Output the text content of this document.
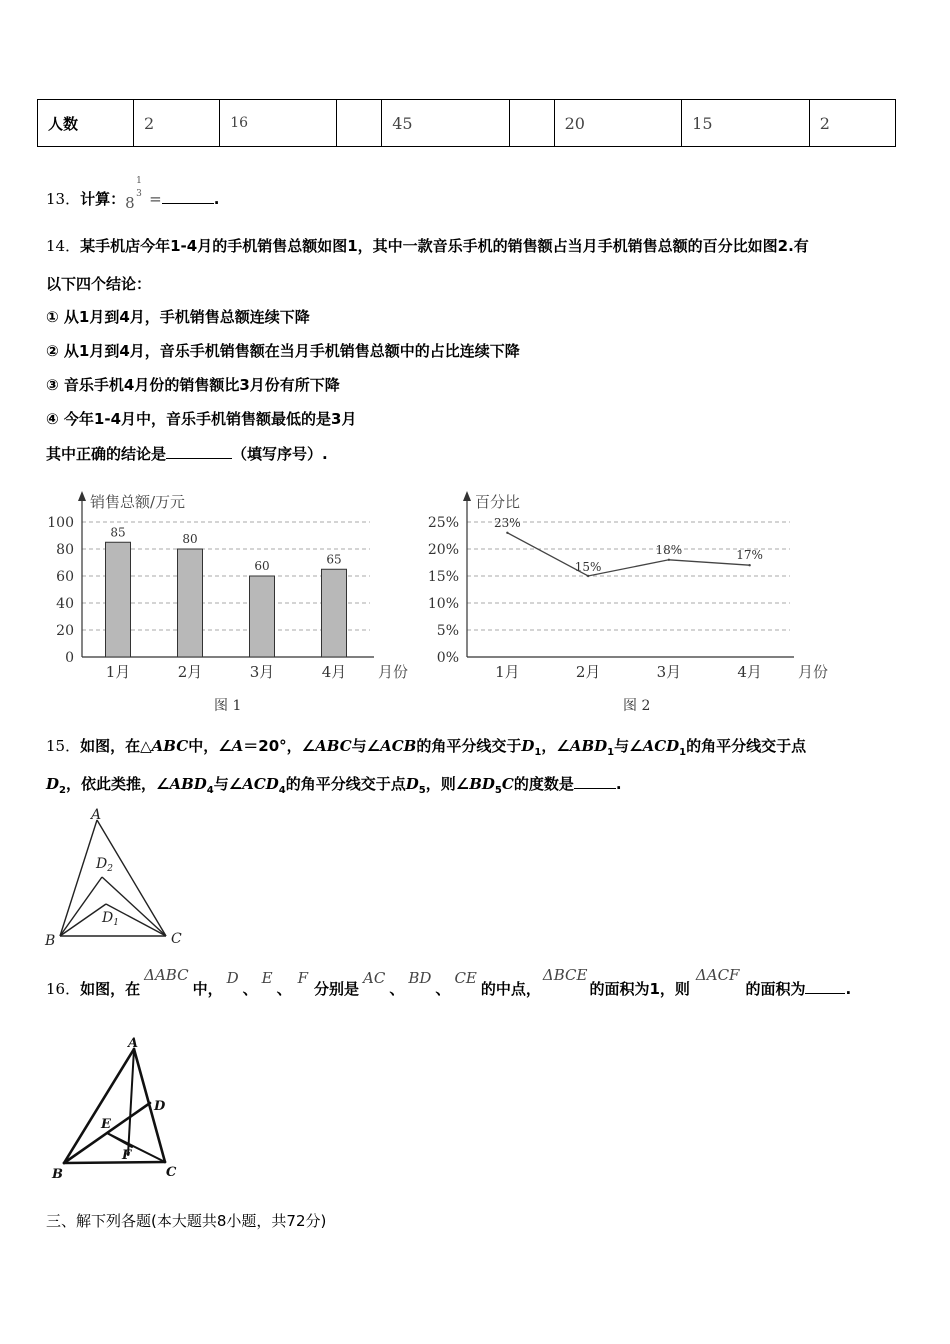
人数	2	16		45		20	15	2
13．计算：8
1
3 =	.
14．某手机店今年1-4月的手机销售总额如图1，其中一款音乐手机的销售额占当月手机销售总额的百分比如图2.有
以下四个结论：
① 从1月到4月，手机销售总额连续下降
② 从1月到4月，音乐手机销售额在当月手机销售总额中的占比连续下降
③ 音乐手机4月份的销售额比3月份有所下降
④ 今年1-4月中，音乐手机销售额最低的是3月
其中正确的结论是	（填写序号）.
0
20
40
60
80
100
销售总额/万元
月份
1月	2月	3月	4月
85	80
60	65
图 1
0%
5%
10%
15%
20%
25%
百分比
月份
1月	2月	3月	4月
23%
15%
18%	17%
图 2
15．如图，在△ABC中，∠A＝20°，∠ABC与∠ACB的角平分线交于$D_1$，$\angle ABD_1$与$\angle ACD_1$的角平分线交于点
$D_2$，依此类推，$\angle ABD_4$与$\angle ACD_4$的角平分线交于点$D_5$，则$\angle BD_5C$的度数是	.
A
B	C
$D_2$
$D_1$
16．如图，在ΔABC中，D、E、F分别是AC、BD、CE的中点，ΔBCE的面积为1，则ΔACF的面积为	.
A
B	C
D
E
F
三、解下列各题(本大题共8小题，共72分)
